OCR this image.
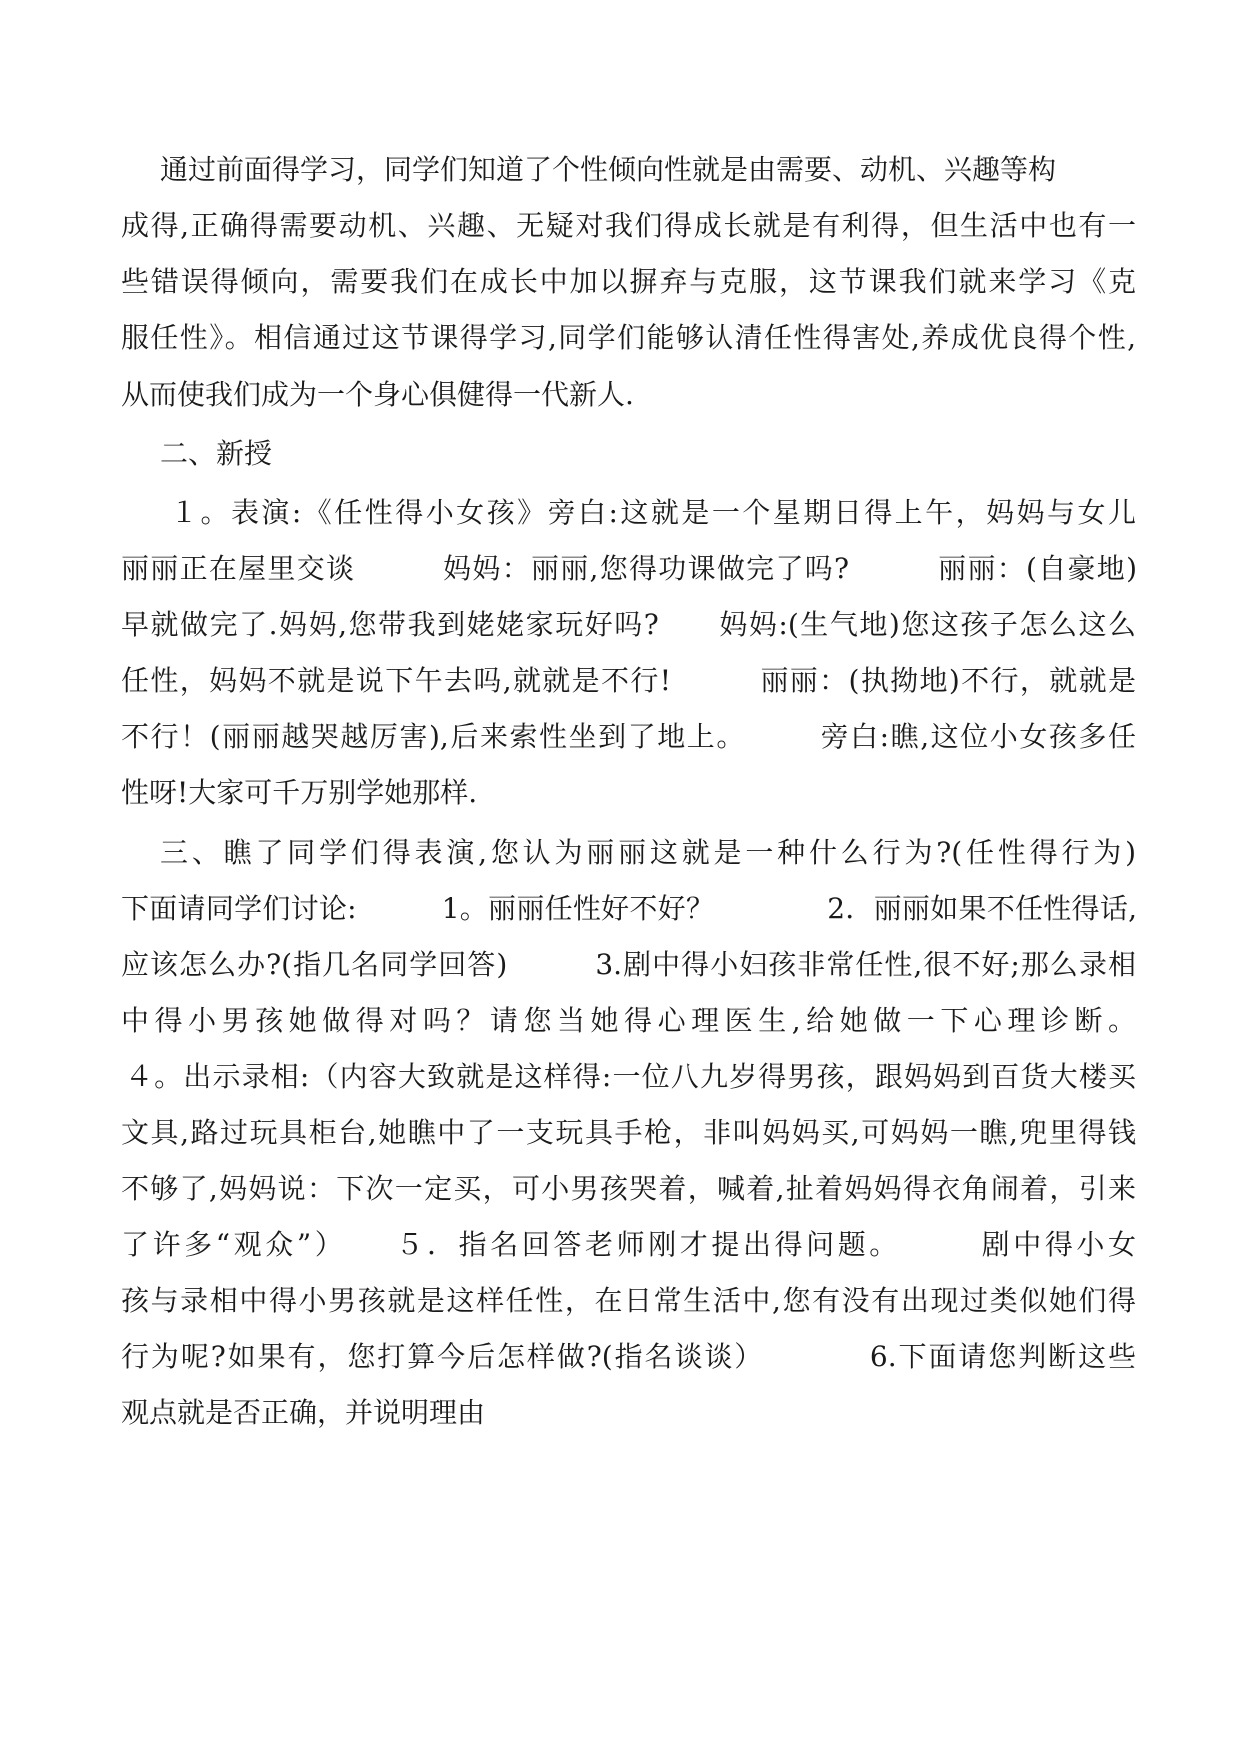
通过前面得学习，同学们知道了个性倾向性就是由需要、动机、兴趣等构
成得,正确得需要动机、兴趣、无疑对我们得成长就是有利得，但生活中也有一
些错误得倾向，需要我们在成长中加以摒弃与克服，这节课我们就来学习《克
服任性》。相信通过这节课得学习,同学们能够认清任性得害处,养成优良得个性,
从而使我们成为一个身心俱健得一代新人.
二、新授
１。表演:《任性得小女孩》旁白:这就是一个星期日得上午，妈妈与女儿
丽丽正在屋里交谈　　　妈妈：丽丽,您得功课做完了吗?　　　丽丽：(自豪地)
早就做完了.妈妈,您带我到姥姥家玩好吗?　　妈妈:(生气地)您这孩子怎么这么
任性，妈妈不就是说下午去吗,就就是不行!　　　丽丽：(执拗地)不行，就就是
不行！(丽丽越哭越厉害),后来索性坐到了地上。　　　旁白:瞧,这位小女孩多任
性呀!大家可千万别学她那样.
三、瞧了同学们得表演,您认为丽丽这就是一种什么行为?(任性得行为)
下面请同学们讨论:　　　1。丽丽任性好不好？　　　　2．丽丽如果不任性得话,
应该怎么办?(指几名同学回答)　　　3.剧中得小妇孩非常任性,很不好;那么录相
中得小男孩她做得对吗？请您当她得心理医生,给她做一下心理诊断。
４。出示录相:（内容大致就是这样得:一位八九岁得男孩，跟妈妈到百货大楼买
文具,路过玩具柜台,她瞧中了一支玩具手枪，非叫妈妈买,可妈妈一瞧,兜里得钱
不够了,妈妈说：下次一定买，可小男孩哭着，喊着,扯着妈妈得衣角闹着，引来
了许多“观众”）　　５．指名回答老师刚才提出得问题。　　　剧中得小女
孩与录相中得小男孩就是这样任性，在日常生活中,您有没有出现过类似她们得
行为呢?如果有，您打算今后怎样做?(指名谈谈）　　　　6.下面请您判断这些
观点就是否正确，并说明理由
